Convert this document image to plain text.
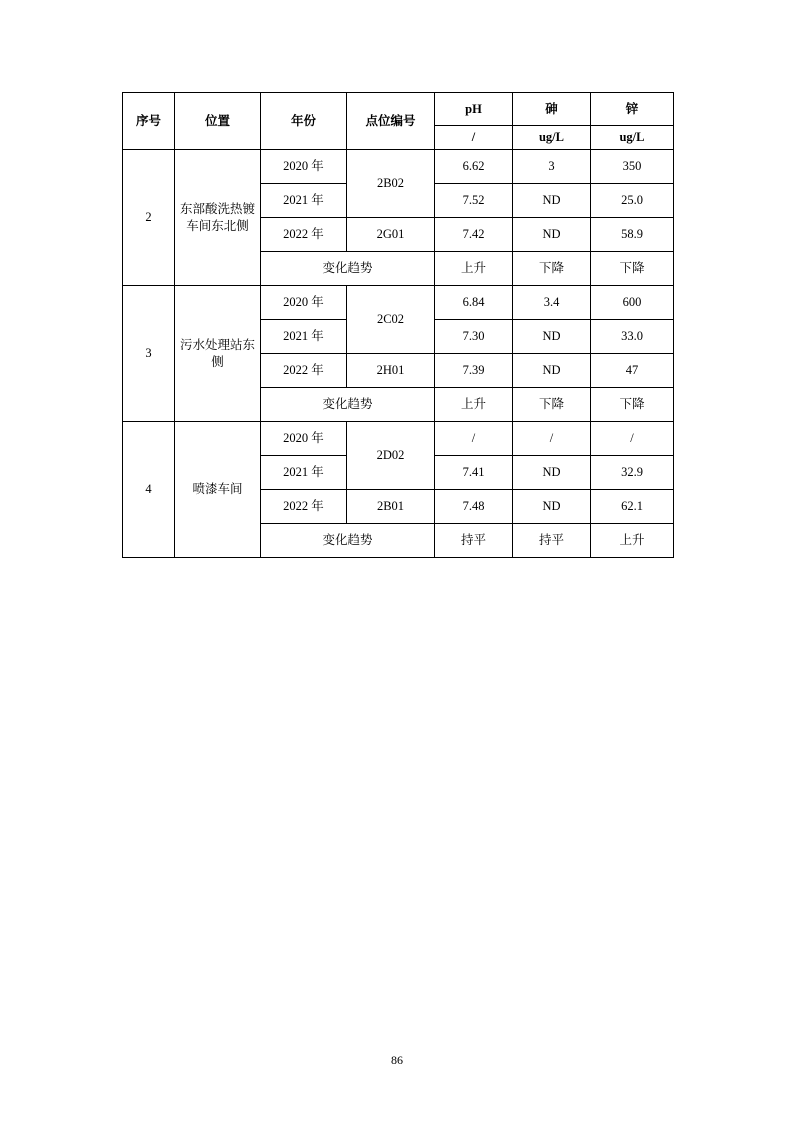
序号	位置	年份	点位编号	pH	砷	锌
				/	ug/L	ug/L
2	东部酸洗热镀车间东北侧	2020 年	2B02	6.62	3	350
		2021 年		7.52	ND	25.0
		2022 年	2G01	7.42	ND	58.9
		变化趋势		上升	下降	下降
3	污水处理站东侧	2020 年	2C02	6.84	3.4	600
		2021 年		7.30	ND	33.0
		2022 年	2H01	7.39	ND	47
		变化趋势		上升	下降	下降
4	喷漆车间	2020 年	2D02	/	/	/
		2021 年		7.41	ND	32.9
		2022 年	2B01	7.48	ND	62.1
		变化趋势		持平	持平	上升
86
